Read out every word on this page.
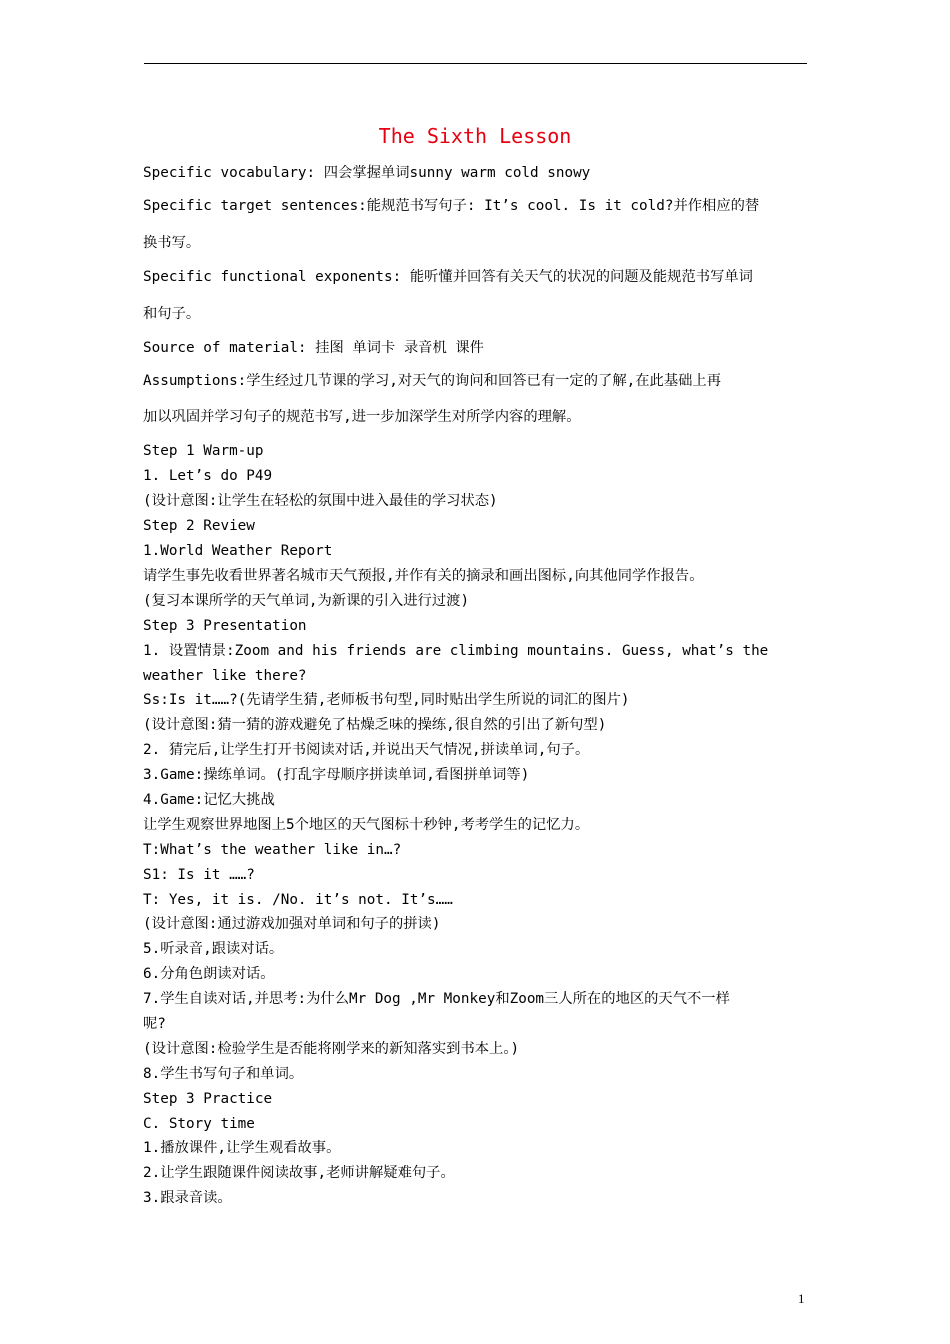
The Sixth Lesson
Specific vocabulary: 四会掌握单词sunny warm cold snowy
Specific target sentences:能规范书写句子: It’s cool. Is it cold?并作相应的替
换书写。
Specific functional exponents: 能听懂并回答有关天气的状况的问题及能规范书写单词
和句子。
Source of material: 挂图 单词卡 录音机 课件
Assumptions:学生经过几节课的学习,对天气的询问和回答已有一定的了解,在此基础上再
加以巩固并学习句子的规范书写,进一步加深学生对所学内容的理解。
Step 1 Warm-up
1. Let’s do P49
(设计意图:让学生在轻松的氛围中进入最佳的学习状态)
Step 2 Review
1.World Weather Report
请学生事先收看世界著名城市天气预报,并作有关的摘录和画出图标,向其他同学作报告。
(复习本课所学的天气单词,为新课的引入进行过渡)
Step 3 Presentation
1. 设置情景:Zoom and his friends are climbing mountains. Guess, what’s the
weather like there?
Ss:Is it……?(先请学生猜,老师板书句型,同时贴出学生所说的词汇的图片)
(设计意图:猜一猜的游戏避免了枯燥乏味的操练,很自然的引出了新句型)
2. 猜完后,让学生打开书阅读对话,并说出天气情况,拼读单词,句子。
3.Game:操练单词。(打乱字母顺序拼读单词,看图拼单词等)
4.Game:记忆大挑战
让学生观察世界地图上5个地区的天气图标十秒钟,考考学生的记忆力。
T:What’s the weather like in…?
S1: Is it ……?
T: Yes, it is. /No. it’s not. It’s……
(设计意图:通过游戏加强对单词和句子的拼读)
5.听录音,跟读对话。
6.分角色朗读对话。
7.学生自读对话,并思考:为什么Mr Dog ,Mr Monkey和Zoom三人所在的地区的天气不一样
呢?
(设计意图:检验学生是否能将刚学来的新知落实到书本上。)
8.学生书写句子和单词。
Step 3 Practice
C. Story time
1.播放课件,让学生观看故事。
2.让学生跟随课件阅读故事,老师讲解疑难句子。
3.跟录音读。
1
